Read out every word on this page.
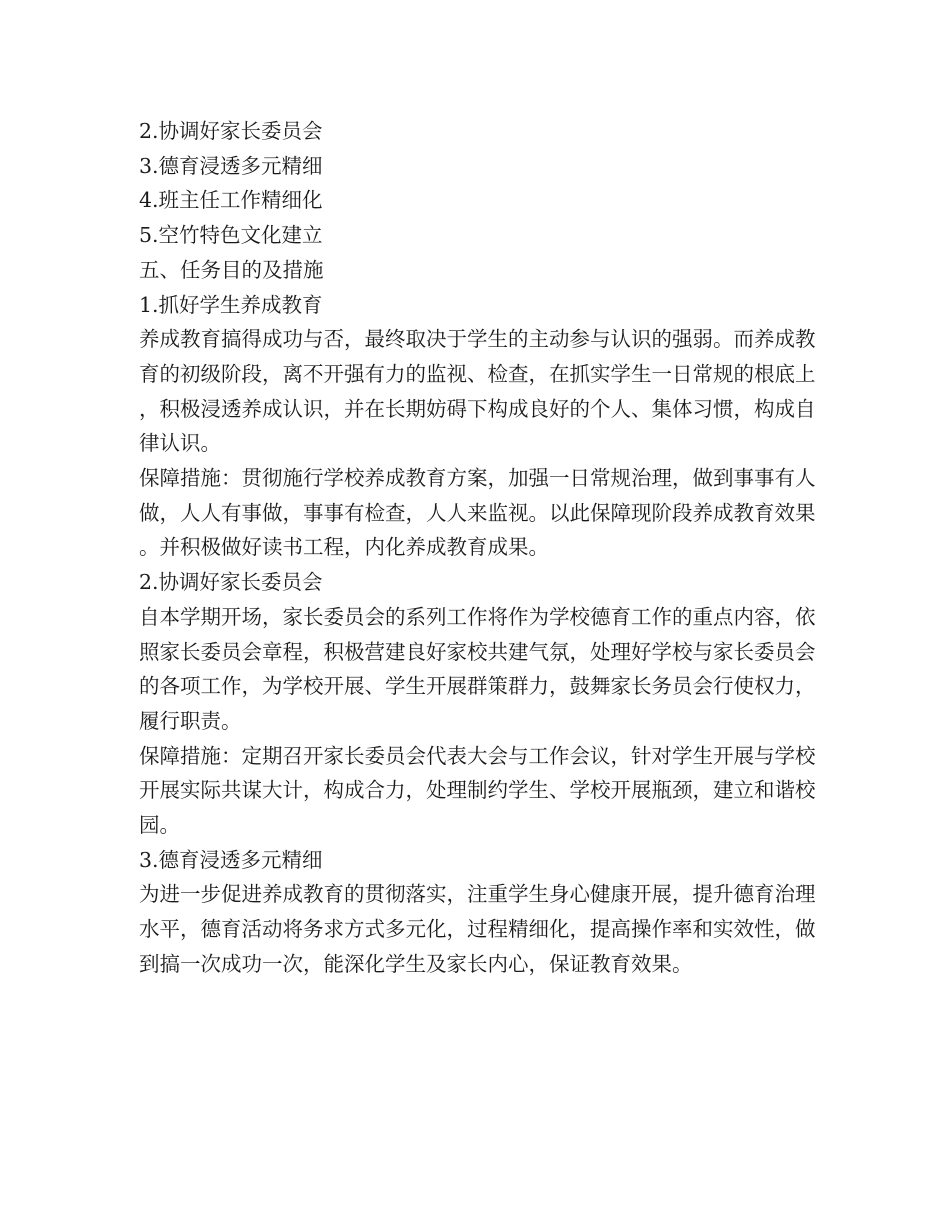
2.协调好家长委员会
3.德育浸透多元精细
4.班主任工作精细化
5.空竹特色文化建立
五、任务目的及措施
1.抓好学生养成教育

养成教育搞得成功与否，最终取决于学生的主动参与认识的强弱。而养成教育的初级阶段，离不开强有力的监视、检查，在抓实学生一日常规的根底上，积极浸透养成认识，并在长期妨碍下构成良好的个人、集体习惯，构成自律认识。

保障措施：贯彻施行学校养成教育方案，加强一日常规治理，做到事事有人做，人人有事做，事事有检查，人人来监视。以此保障现阶段养成教育效果。并积极做好读书工程，内化养成教育成果。

2.协调好家长委员会

自本学期开场，家长委员会的系列工作将作为学校德育工作的重点内容，依照家长委员会章程，积极营建良好家校共建气氛，处理好学校与家长委员会的各项工作，为学校开展、学生开展群策群力，鼓舞家长务员会行使权力，履行职责。

保障措施：定期召开家长委员会代表大会与工作会议，针对学生开展与学校开展实际共谋大计，构成合力，处理制约学生、学校开展瓶颈，建立和谐校园。

3.德育浸透多元精细

为进一步促进养成教育的贯彻落实，注重学生身心健康开展，提升德育治理水平，德育活动将务求方式多元化，过程精细化，提高操作率和实效性，做到搞一次成功一次，能深化学生及家长内心，保证教育效果。
